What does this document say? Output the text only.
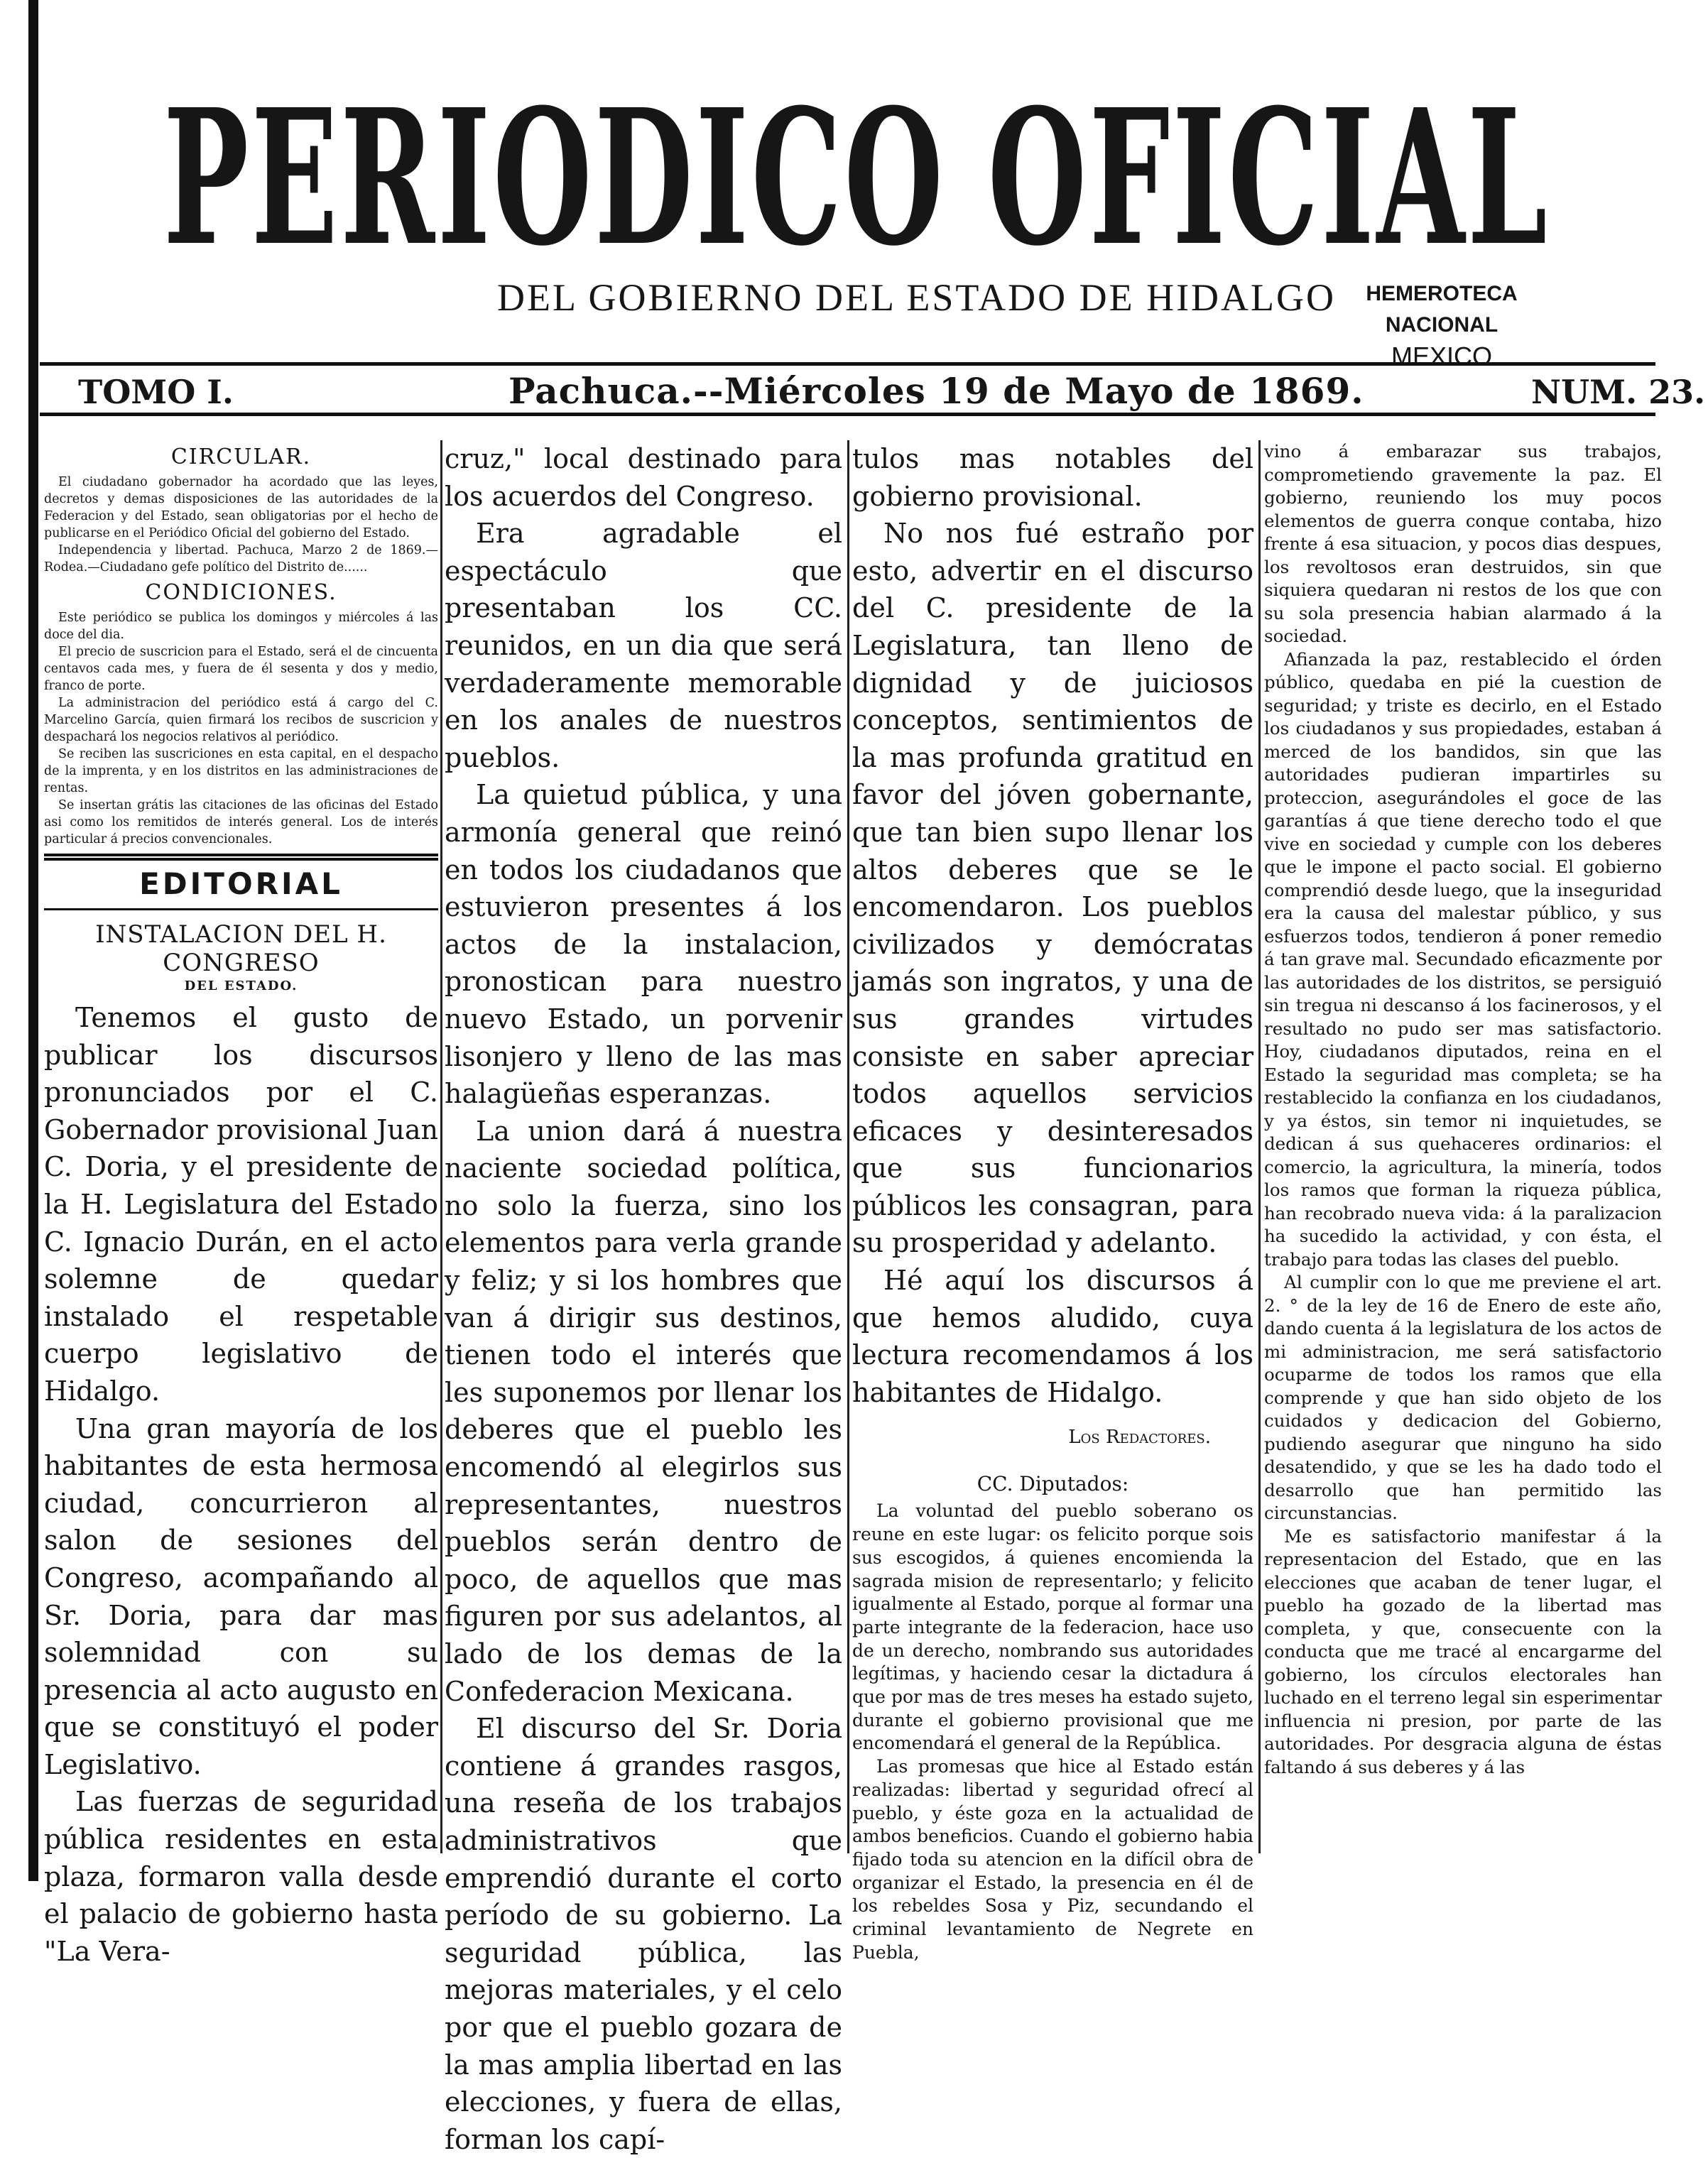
PERIODICO OFICIAL
DEL GOBIERNO DEL ESTADO DE HIDALGO	HEMEROTECA NACIONAL
MEXICO
TOMO I.	Pachuca.--Miércoles 19 de Mayo de 1869.	NUM. 23.
CIRCULAR.

El ciudadano gobernador ha acordado que las leyes, decretos y demas disposiciones de las autoridades de la Federacion y del Estado, sean obligatorias por el hecho de publicarse en el Periódico Oficial del gobierno del Estado.

Independencia y libertad. Pachuca, Marzo 2 de 1869.—Rodea.—Ciudadano gefe político del Distrito de......

CONDICIONES.

Este periódico se publica los domingos y miércoles á las doce del dia.

El precio de suscricion para el Estado, será el de cincuenta centavos cada mes, y fuera de él sesenta y dos y medio, franco de porte.

La administracion del periódico está á cargo del C. Marcelino García, quien firmará los recibos de suscricion y despachará los negocios relativos al periódico.

Se reciben las suscriciones en esta capital, en el despacho de la imprenta, y en los distritos en las administraciones de rentas.

Se insertan grátis las citaciones de las oficinas del Estado asi como los remitidos de interés general. Los de interés particular á precios convencionales.

EDITORIAL
INSTALACION DEL H. CONGRESO
DEL ESTADO.

Tenemos el gusto de publicar los discursos pronunciados por el C. Gobernador provisional Juan C. Doria, y el presidente de la H. Legislatura del Estado C. Ignacio Durán, en el acto solemne de quedar instalado el respetable cuerpo legislativo de Hidalgo.

Una gran mayoría de los habitantes de esta hermosa ciudad, concurrieron al salon de sesiones del Congreso, acompañando al Sr. Doria, para dar mas solemnidad con su presencia al acto augusto en que se constituyó el poder Legislativo.

Las fuerzas de seguridad pública residentes en esta plaza, formaron valla desde el palacio de gobierno hasta "La Vera-

cruz," local destinado para los acuerdos del Congreso.

Era agradable el espectáculo que presentaban los CC. reunidos, en un dia que será verdaderamente memorable en los anales de nuestros pueblos.

La quietud pública, y una armonía general que reinó en todos los ciudadanos que estuvieron presentes á los actos de la instalacion, pronostican para nuestro nuevo Estado, un porvenir lisonjero y lleno de las mas halagüeñas esperanzas.

La union dará á nuestra naciente sociedad política, no solo la fuerza, sino los elementos para verla grande y feliz; y si los hombres que van á dirigir sus destinos, tienen todo el interés que les suponemos por llenar los deberes que el pueblo les encomendó al elegirlos sus representantes, nuestros pueblos serán dentro de poco, de aquellos que mas figuren por sus adelantos, al lado de los demas de la Confederacion Mexicana.

El discurso del Sr. Doria contiene á grandes rasgos, una reseña de los trabajos administrativos que emprendió durante el corto período de su gobierno. La seguridad pública, las mejoras materiales, y el celo por que el pueblo gozara de la mas amplia libertad en las elecciones, y fuera de ellas, forman los capí-

tulos mas notables del gobierno provisional.

No nos fué estraño por esto, advertir en el discurso del C. presidente de la Legislatura, tan lleno de dignidad y de juiciosos conceptos, sentimientos de la mas profunda gratitud en favor del jóven gobernante, que tan bien supo llenar los altos deberes que se le encomendaron. Los pueblos civilizados y demócratas jamás son ingratos, y una de sus grandes virtudes consiste en saber apreciar todos aquellos servicios eficaces y desinteresados que sus funcionarios públicos les consagran, para su prosperidad y adelanto.

Hé aquí los discursos á que hemos aludido, cuya lectura recomendamos á los habitantes de Hidalgo.

Los Redactores.
CC. Diputados:

La voluntad del pueblo soberano os reune en este lugar: os felicito porque sois sus escogidos, á quienes encomienda la sagrada mision de representarlo; y felicito igualmente al Estado, porque al formar una parte integrante de la federacion, hace uso de un derecho, nombrando sus autoridades legítimas, y haciendo cesar la dictadura á que por mas de tres meses ha estado sujeto, durante el gobierno provisional que me encomendará el general de la República.

Las promesas que hice al Estado están realizadas: libertad y seguridad ofrecí al pueblo, y éste goza en la actualidad de ambos beneficios. Cuando el gobierno habia fijado toda su atencion en la difícil obra de organizar el Estado, la presencia en él de los rebeldes Sosa y Piz, secundando el criminal levantamiento de Negrete en Puebla,

vino á embarazar sus trabajos, comprometiendo gravemente la paz. El gobierno, reuniendo los muy pocos elementos de guerra conque contaba, hizo frente á esa situacion, y pocos dias despues, los revoltosos eran destruidos, sin que siquiera quedaran ni restos de los que con su sola presencia habian alarmado á la sociedad.

Afianzada la paz, restablecido el órden público, quedaba en pié la cuestion de seguridad; y triste es decirlo, en el Estado los ciudadanos y sus propiedades, estaban á merced de los bandidos, sin que las autoridades pudieran impartirles su proteccion, asegurándoles el goce de las garantías á que tiene derecho todo el que vive en sociedad y cumple con los deberes que le impone el pacto social. El gobierno comprendió desde luego, que la inseguridad era la causa del malestar público, y sus esfuerzos todos, tendieron á poner remedio á tan grave mal. Secundado eficazmente por las autoridades de los distritos, se persiguió sin tregua ni descanso á los facinerosos, y el resultado no pudo ser mas satisfactorio. Hoy, ciudadanos diputados, reina en el Estado la seguridad mas completa; se ha restablecido la confianza en los ciudadanos, y ya éstos, sin temor ni inquietudes, se dedican á sus quehaceres ordinarios: el comercio, la agricultura, la minería, todos los ramos que forman la riqueza pública, han recobrado nueva vida: á la paralizacion ha sucedido la actividad, y con ésta, el trabajo para todas las clases del pueblo.

Al cumplir con lo que me previene el art. 2. ° de la ley de 16 de Enero de este año, dando cuenta á la legislatura de los actos de mi administracion, me será satisfactorio ocuparme de todos los ramos que ella comprende y que han sido objeto de los cuidados y dedicacion del Gobierno, pudiendo asegurar que ninguno ha sido desatendido, y que se les ha dado todo el desarrollo que han permitido las circunstancias.

Me es satisfactorio manifestar á la representacion del Estado, que en las elecciones que acaban de tener lugar, el pueblo ha gozado de la libertad mas completa, y que, consecuente con la conducta que me tracé al encargarme del gobierno, los círculos electorales han luchado en el terreno legal sin esperimentar influencia ni presion, por parte de las autoridades. Por desgracia alguna de éstas faltando á sus deberes y á las
